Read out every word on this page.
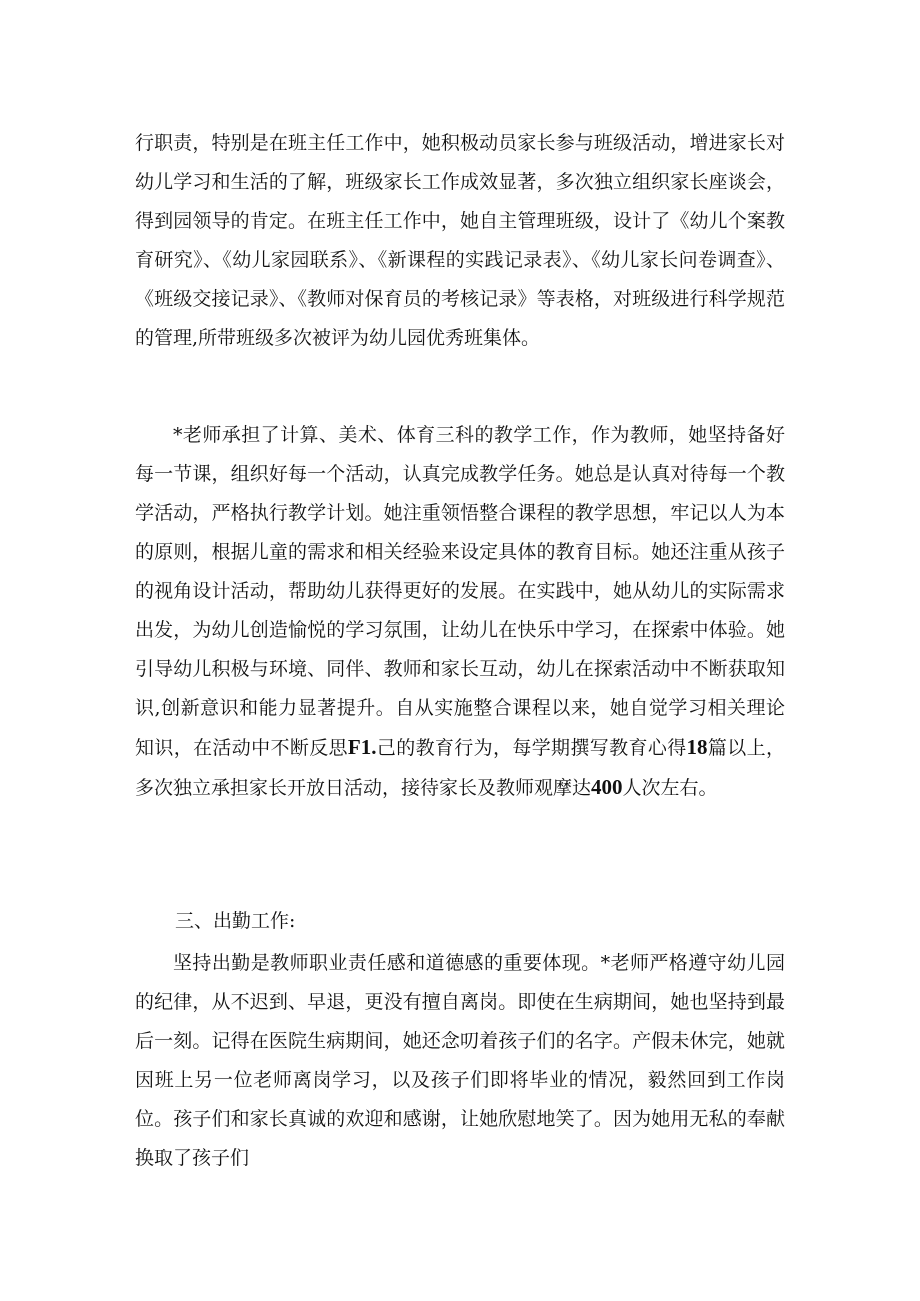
行职责，特别是在班主任工作中，她积极动员家长参与班级活动，增进家长对幼儿学习和生活的了解，班级家长工作成效显著，多次独立组织家长座谈会，得到园领导的肯定。在班主任工作中，她自主管理班级，设计了《幼儿个案教育研究》、《幼儿家园联系》、《新课程的实践记录表》、《幼儿家长问卷调查》、《班级交接记录》、《教师对保育员的考核记录》等表格，对班级进行科学规范的管理,所带班级多次被评为幼儿园优秀班集体。

*老师承担了计算、美术、体育三科的教学工作，作为教师，她坚持备好每一节课，组织好每一个活动，认真完成教学任务。她总是认真对待每一个教学活动，严格执行教学计划。她注重领悟整合课程的教学思想，牢记以人为本的原则，根据儿童的需求和相关经验来设定具体的教育目标。她还注重从孩子的视角设计活动，帮助幼儿获得更好的发展。在实践中，她从幼儿的实际需求出发，为幼儿创造愉悦的学习氛围，让幼儿在快乐中学习，在探索中体验。她引导幼儿积极与环境、同伴、教师和家长互动，幼儿在探索活动中不断获取知识,创新意识和能力显著提升。自从实施整合课程以来，她自觉学习相关理论知识，在活动中不断反思F1.己的教育行为，每学期撰写教育心得18篇以上，多次独立承担家长开放日活动，接待家长及教师观摩达400人次左右。

三、出勤工作:

坚持出勤是教师职业责任感和道德感的重要体现。*老师严格遵守幼儿园的纪律，从不迟到、早退，更没有擅自离岗。即使在生病期间，她也坚持到最后一刻。记得在医院生病期间，她还念叨着孩子们的名字。产假未休完，她就因班上另一位老师离岗学习，以及孩子们即将毕业的情况，毅然回到工作岗位。孩子们和家长真诚的欢迎和感谢，让她欣慰地笑了。因为她用无私的奉献换取了孩子们
